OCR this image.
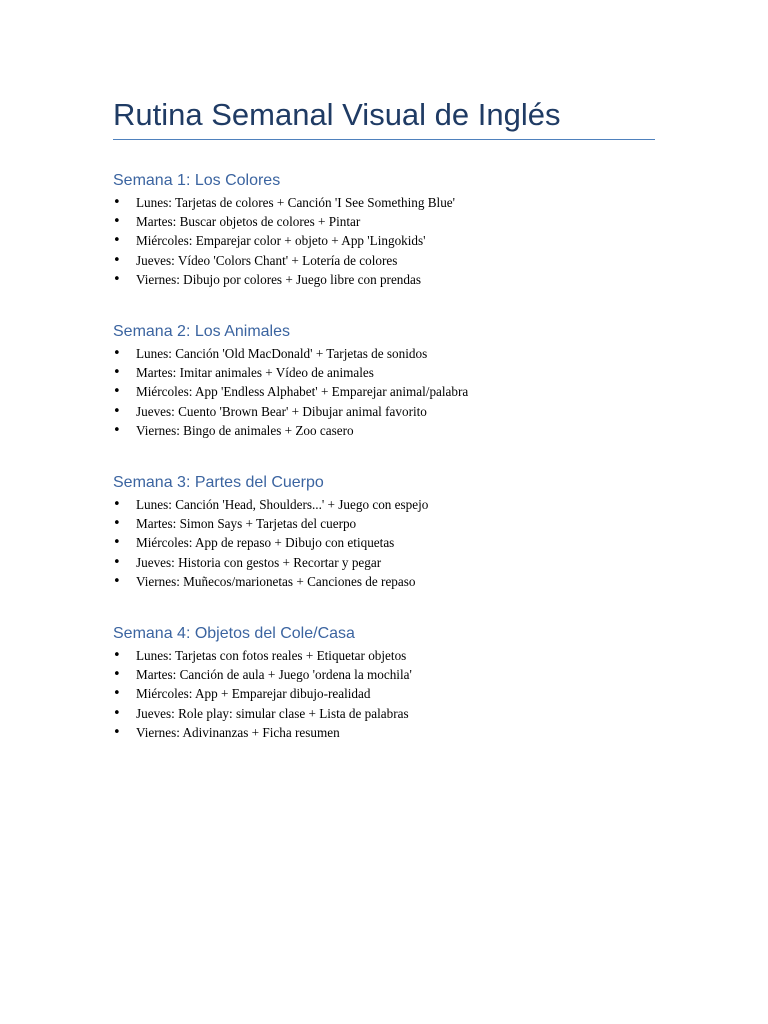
Rutina Semanal Visual de Inglés
Semana 1: Los Colores
• Lunes: Tarjetas de colores + Canción 'I See Something Blue'
• Martes: Buscar objetos de colores + Pintar
• Miércoles: Emparejar color + objeto + App 'Lingokids'
• Jueves: Vídeo 'Colors Chant' + Lotería de colores
• Viernes: Dibujo por colores + Juego libre con prendas
Semana 2: Los Animales
• Lunes: Canción 'Old MacDonald' + Tarjetas de sonidos
• Martes: Imitar animales + Vídeo de animales
• Miércoles: App 'Endless Alphabet' + Emparejar animal/palabra
• Jueves: Cuento 'Brown Bear' + Dibujar animal favorito
• Viernes: Bingo de animales + Zoo casero
Semana 3: Partes del Cuerpo
• Lunes: Canción 'Head, Shoulders...' + Juego con espejo
• Martes: Simon Says + Tarjetas del cuerpo
• Miércoles: App de repaso + Dibujo con etiquetas
• Jueves: Historia con gestos + Recortar y pegar
• Viernes: Muñecos/marionetas + Canciones de repaso
Semana 4: Objetos del Cole/Casa
• Lunes: Tarjetas con fotos reales + Etiquetar objetos
• Martes: Canción de aula + Juego 'ordena la mochila'
• Miércoles: App + Emparejar dibujo-realidad
• Jueves: Role play: simular clase + Lista de palabras
• Viernes: Adivinanzas + Ficha resumen
